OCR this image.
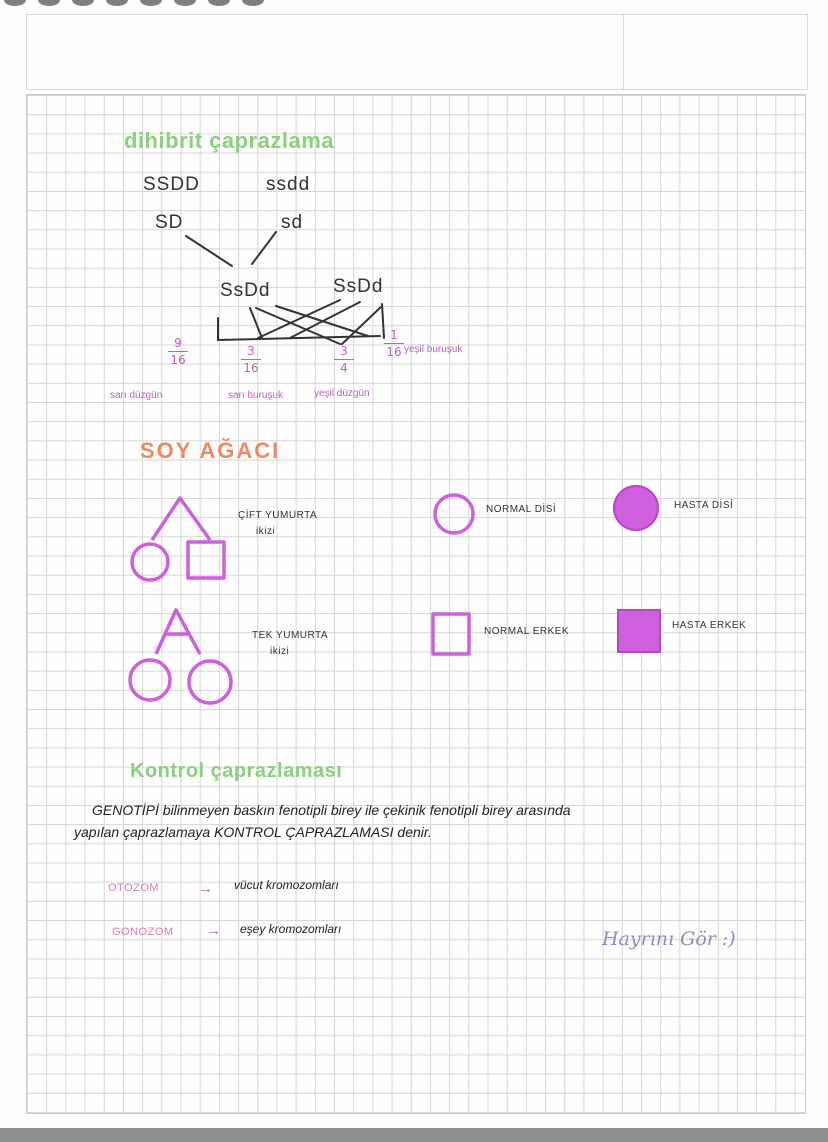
dihibrit çaprazlama
SSDD	ssdd
SD	sd
SsDd	SsDd
9
16
3
16
3
4
1
16 yeşil buruşuk
sarı düzgün	sarı buruşuk	yeşil düzgün
SOY AĞACI
ÇİFT YUMURTA
ikizi
TEK YUMURTA
ikizi
NORMAL DİSİ	HASTA DİSİ
NORMAL ERKEK
HASTA ERKEK
Kontrol çaprazlaması
GENOTİPİ bilinmeyen baskın fenotipli birey ile çekinik fenotipli birey arasında
yapılan çaprazlamaya KONTROL ÇAPRAZLAMASI denir.
OTOZOM	→ vücut kromozomları
GONOZOM → eşey kromozomları	Hayrını Gör :)
